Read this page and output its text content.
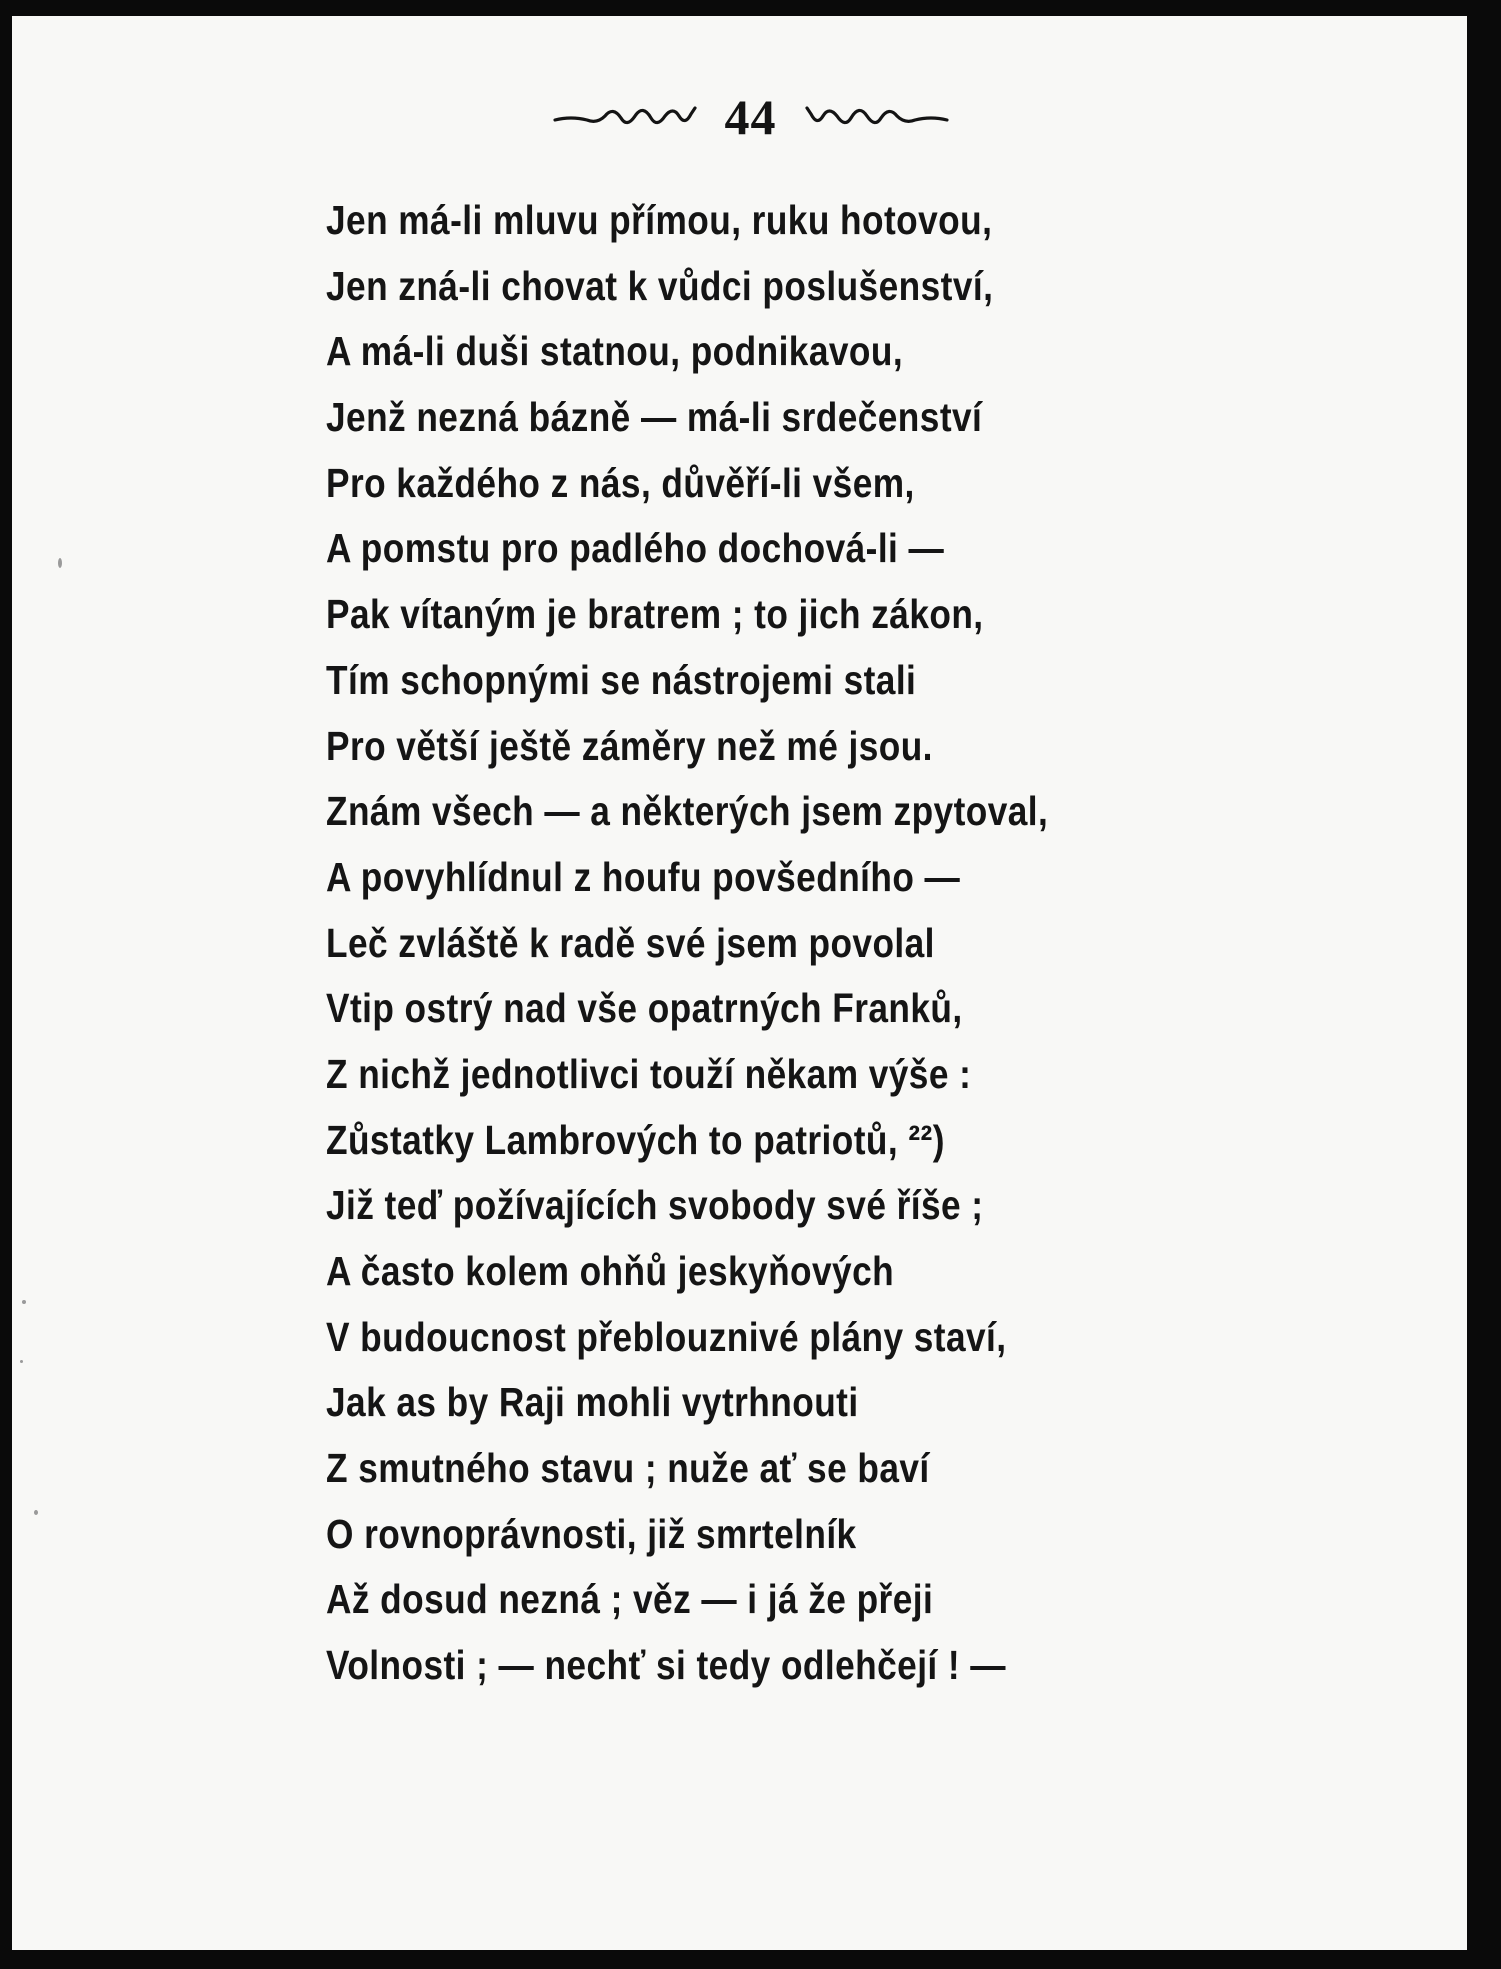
44
Jen má-li mluvu přímou, ruku hotovou,
Jen zná-li chovat k vůdci poslušenství,
A má-li duši statnou, podnikavou,
Jenž nezná bázně — má-li srdečenství
Pro každého z nás, důvěří-li všem,
A pomstu pro padlého dochová-li —
Pak vítaným je bratrem ; to jich zákon,
Tím schopnými se nástrojemi stali
Pro větší ještě záměry než mé jsou.
Znám všech — a některých jsem zpytoval,
A povyhlídnul z houfu povšedního —
Leč zvláště k radě své jsem povolal
Vtip ostrý nad vše opatrných Franků,
Z nichž jednotlivci touží někam výše :
Zůstatky Lambrových to patriotů, ²²)
Již teď požívajících svobody své říše ;
A často kolem ohňů jeskyňových
V budoucnost přeblouznivé plány staví,
Jak as by Raji mohli vytrhnouti
Z smutného stavu ; nuže ať se baví
O rovnoprávnosti, již smrtelník
Až dosud nezná ; věz — i já že přeji
Volnosti ; — nechť si tedy odlehčejí ! —
